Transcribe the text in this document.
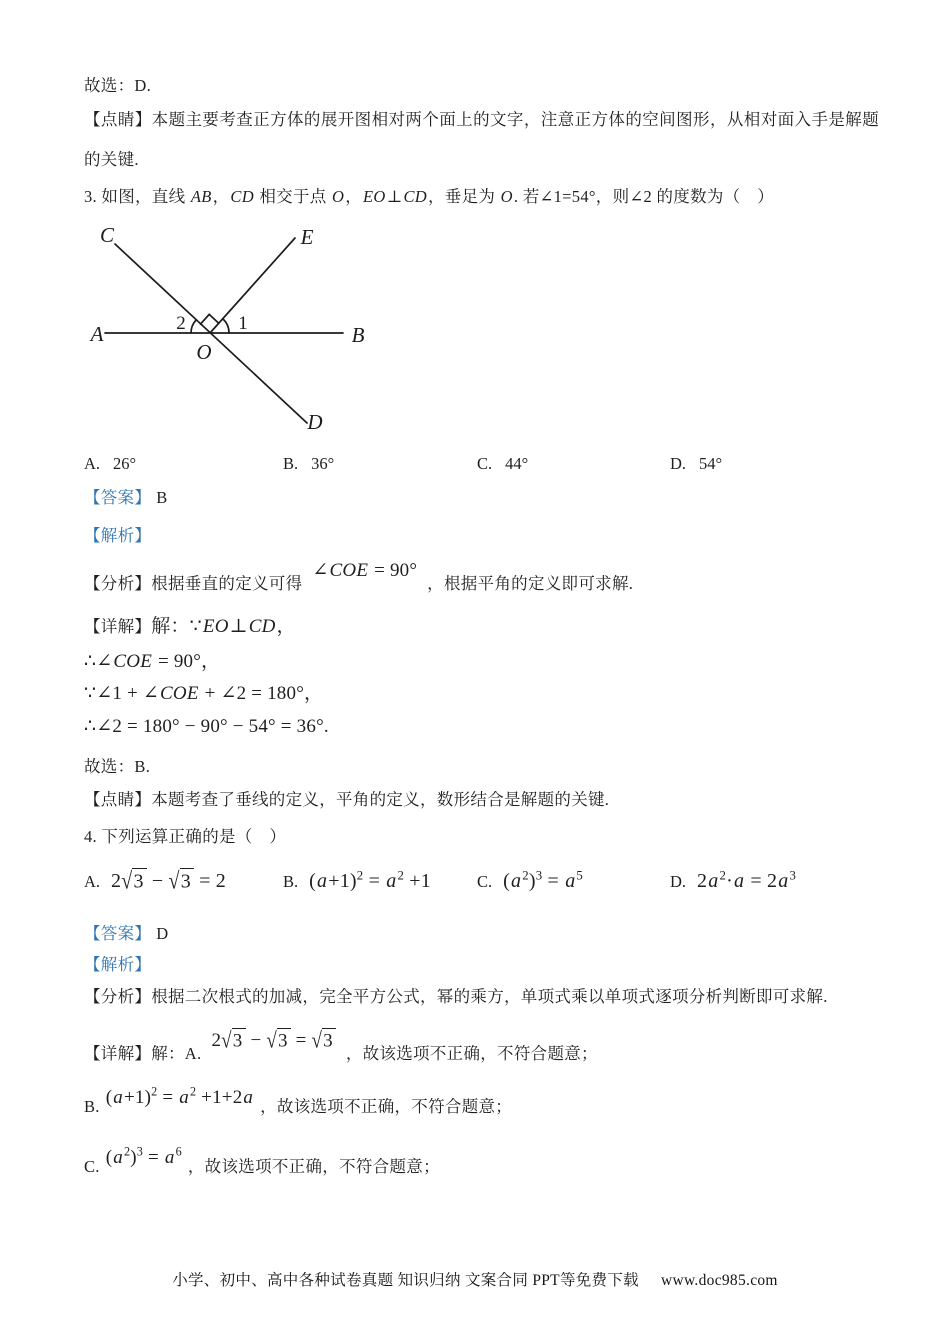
故选：D.

【点睛】本题主要考查正方体的展开图相对两个面上的文字，注意正方体的空间图形，从相对面入手是解题的关键.

3. 如图，直线 AB，CD 相交于点 O，EO⊥CD，垂足为 O. 若∠1=54°，则∠2 的度数为（　）

C	E
A	B
O
D
2	1
A. 26°	B. 36°	C. 44°	D. 54°

【答案】 B

【解析】

【分析】根据垂直的定义可得∠COE = 90°，根据平角的定义即可求解.

【详解】解：∵EO⊥CD，

∴∠COE = 90°，

∵∠1 + ∠COE + ∠2 = 180°，

∴∠2 = 180° − 90° − 54° = 36°.

故选：B.

【点睛】本题考查了垂线的定义，平角的定义，数形结合是解题的关键.

4. 下列运算正确的是（　）

A. 2√3 − √3 = 2	B. $(a+1)^2 = a^2 +1$	C. $(a^2)^3 = a^5$	D. $2a^2\cdot a = 2a^3$

【答案】 D

【解析】

【分析】根据二次根式的加减，完全平方公式，幂的乘方，单项式乘以单项式逐项分析判断即可求解.

【详解】解：A.2√3 − √3 = √3，故该选项不正确，不符合题意；

B. $(a+1)^2 = a^2 +1+2a$ ，故该选项不正确，不符合题意；

C. $(a^2)^3 = a^6$，故该选项不正确，不符合题意；

小学、初中、高中各种试卷真题 知识归纳 文案合同 PPT等免费下载 www.doc985.com
